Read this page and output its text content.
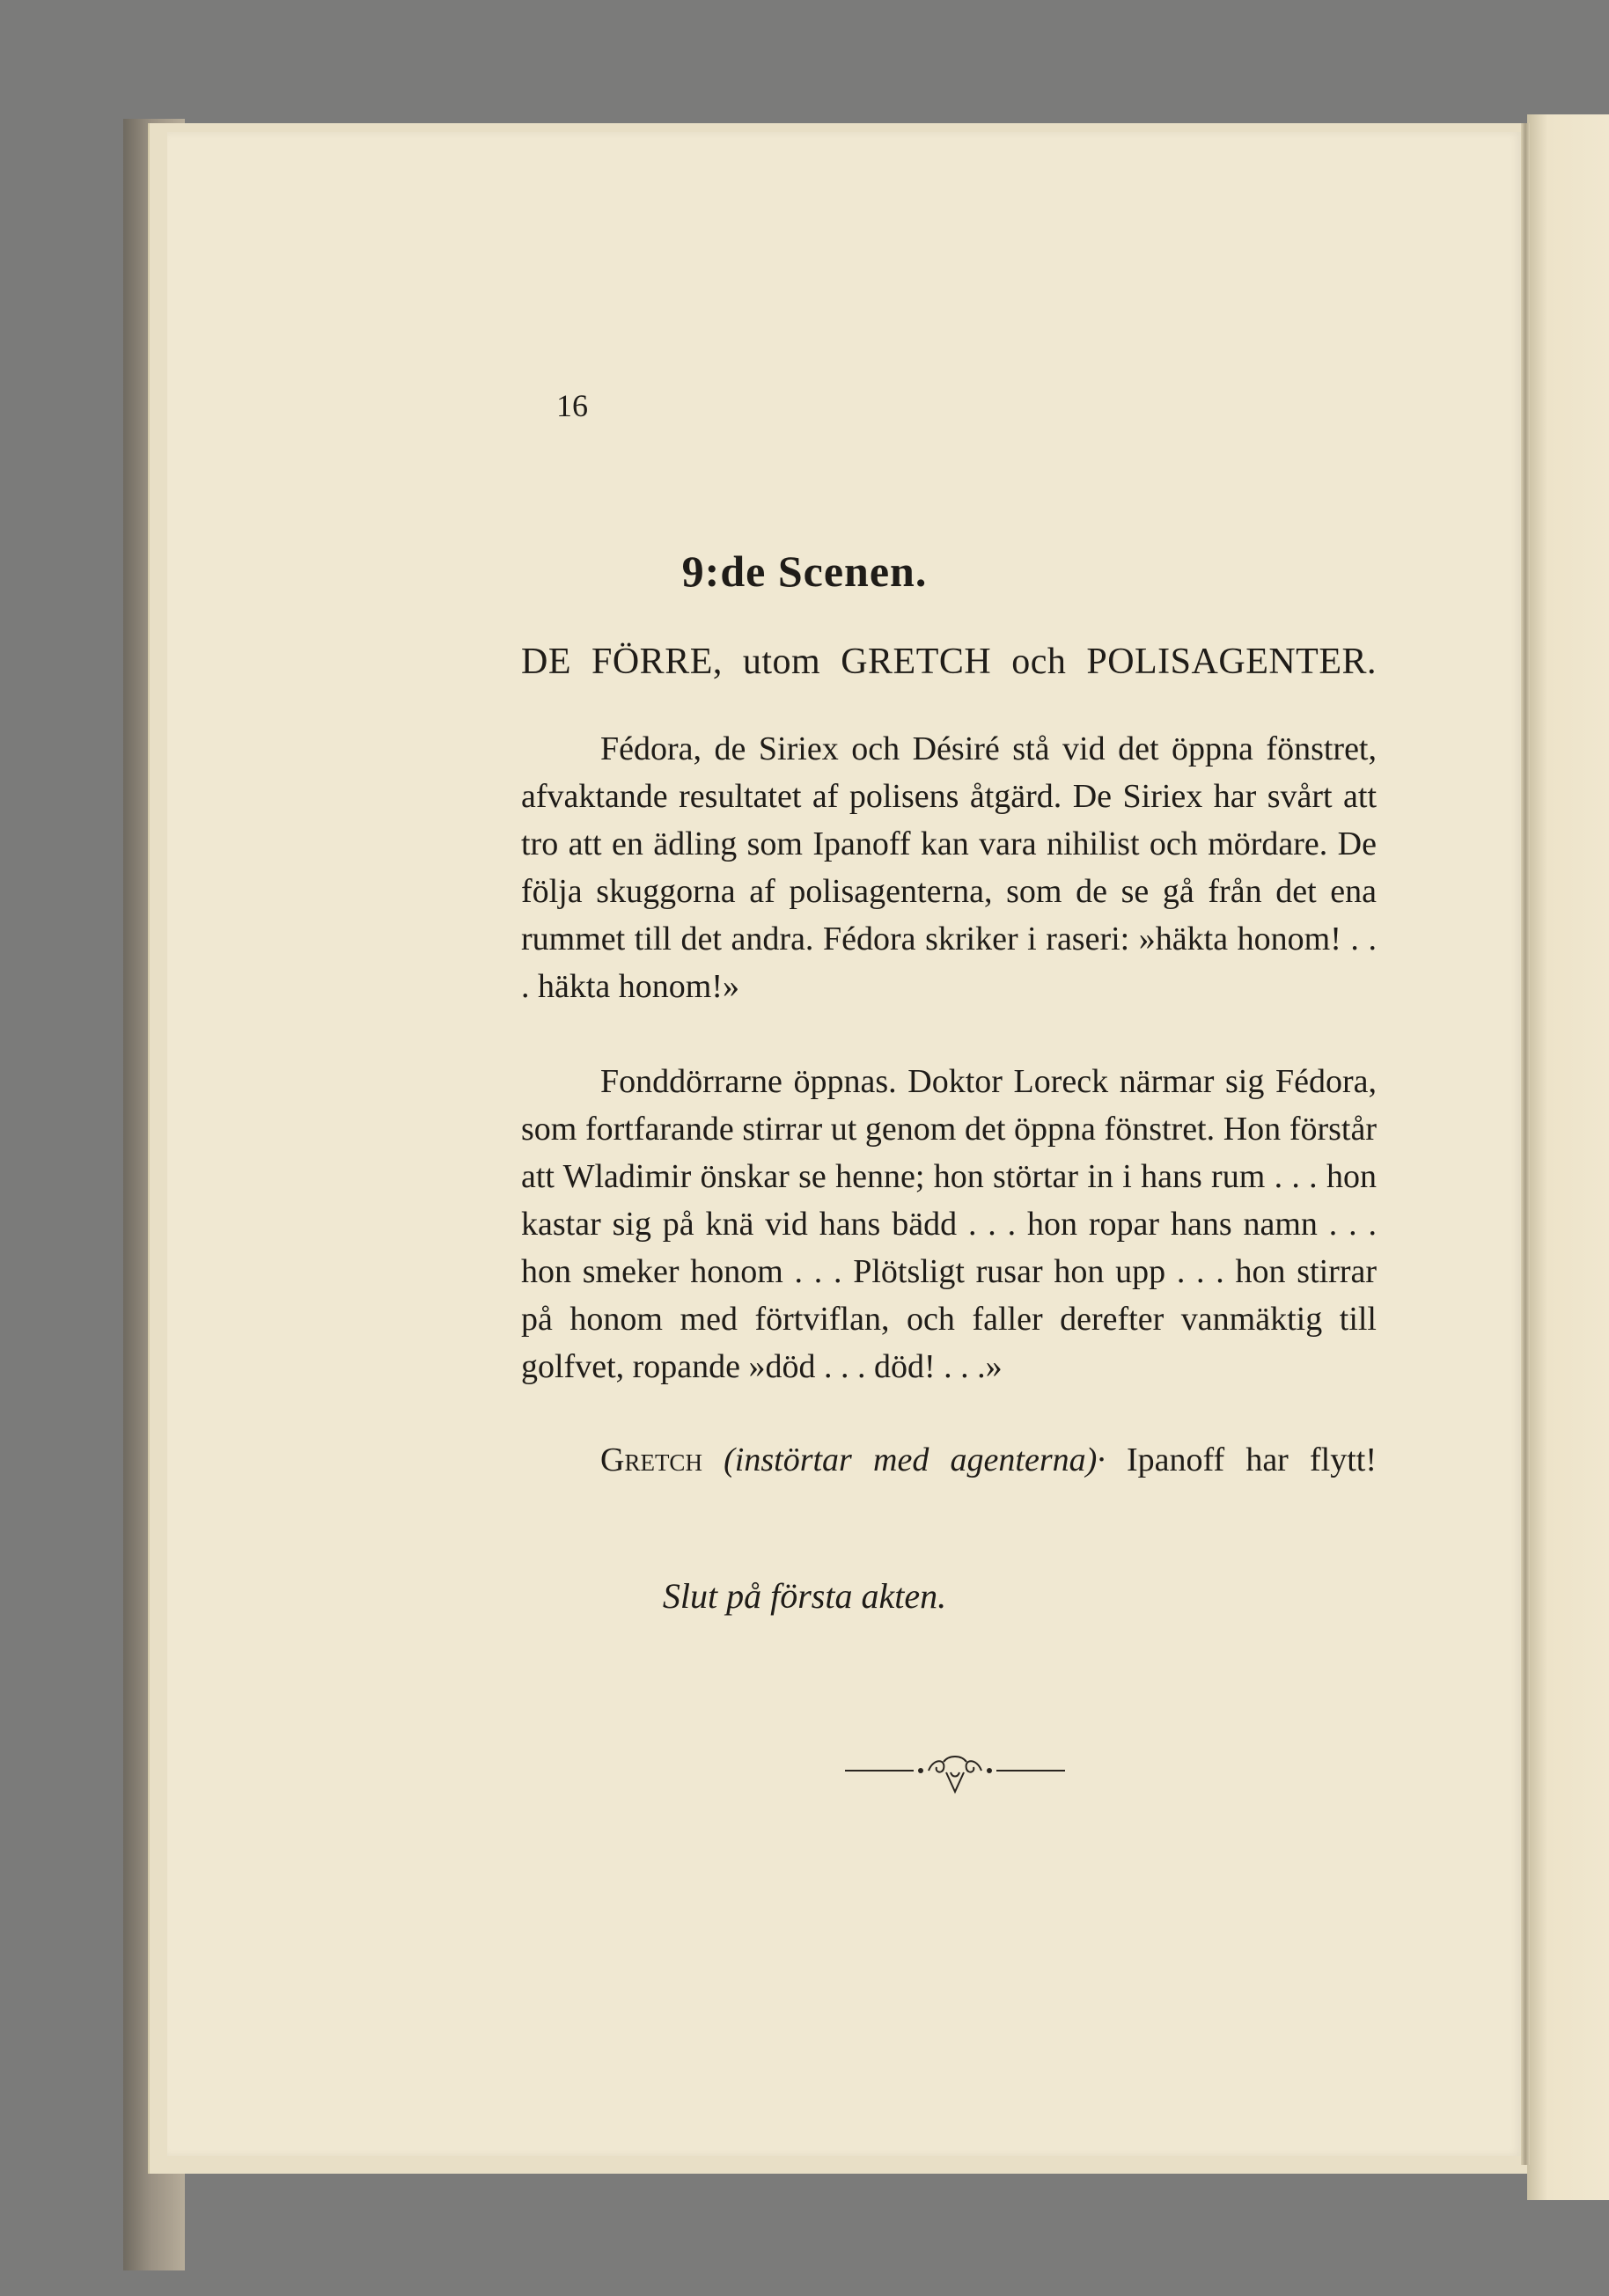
16
9:de Scenen.
DE FÖRRE, utom GRETCH och POLISAGENTER.
Fédora, de Siriex och Désiré stå vid det öppna fönstret, afvaktande resultatet af polisens åtgärd. De Siriex har svårt att tro att en ädling som Ipanoff kan vara nihilist och mördare. De följa skuggorna af polisagenterna, som de se gå från det ena rummet till det andra. Fédora skriker i raseri: »häkta honom! . . . häkta honom!»
Fonddörrarne öppnas. Doktor Loreck närmar sig Fédora, som fortfarande stirrar ut genom det öppna fönstret. Hon förstår att Wladimir önskar se henne; hon störtar in i hans rum . . . hon kastar sig på knä vid hans bädd . . . hon ropar hans namn . . . hon smeker honom . . . Plötsligt rusar hon upp . . . hon stirrar på honom med förtviflan, och faller derefter vanmäktig till golfvet, ropande »död . . . död! . . .»
Gretch (instörtar med agenterna)· Ipanoff har flytt!
Slut på första akten.
